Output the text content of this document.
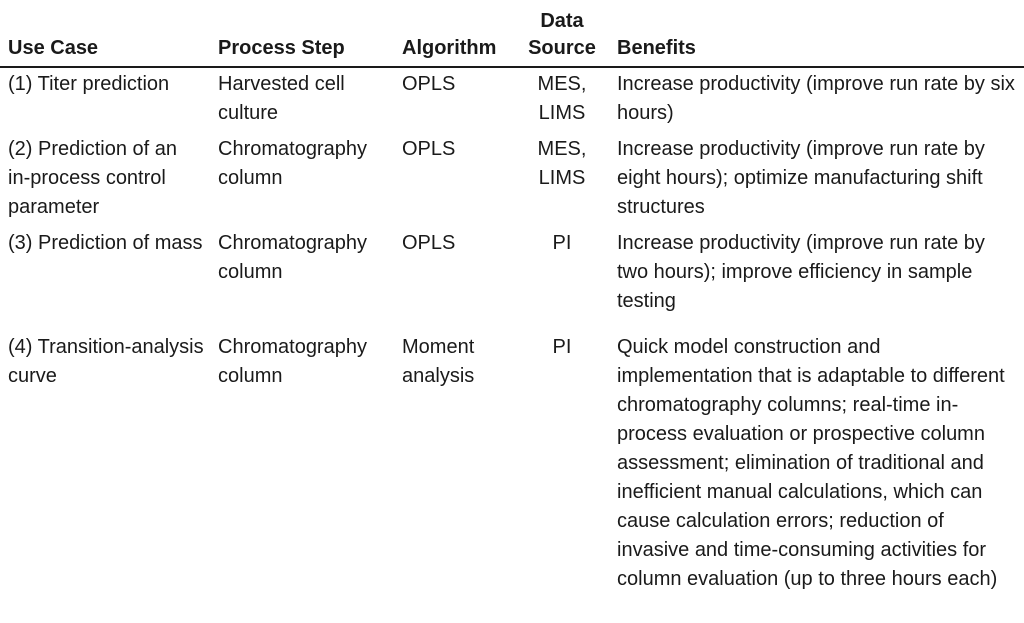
Use Case	Process Step	Algorithm	Data Source	Benefits
(1) Titer prediction	Harvested cell culture	OPLS	MES, LIMS	Increase productivity (improve run rate by six hours)
(2) Prediction of an in-process control parameter	Chromatography column	OPLS	MES, LIMS	Increase productivity (improve run rate by eight hours); optimize manufacturing shift structures
(3) Prediction of mass	Chromatography column	OPLS	PI	Increase productivity (improve run rate by two hours); improve efficiency in sample testing
(4) Transition-analysis curve	Chromatography column	Moment analysis	PI	Quick model construction and implementation that is adaptable to different chromatography columns; real-time in-process evaluation or prospective column assessment; elimination of traditional and inefficient manual calculations, which can cause calculation errors; reduction of invasive and time-consuming activities for column evaluation (up to three hours each)
